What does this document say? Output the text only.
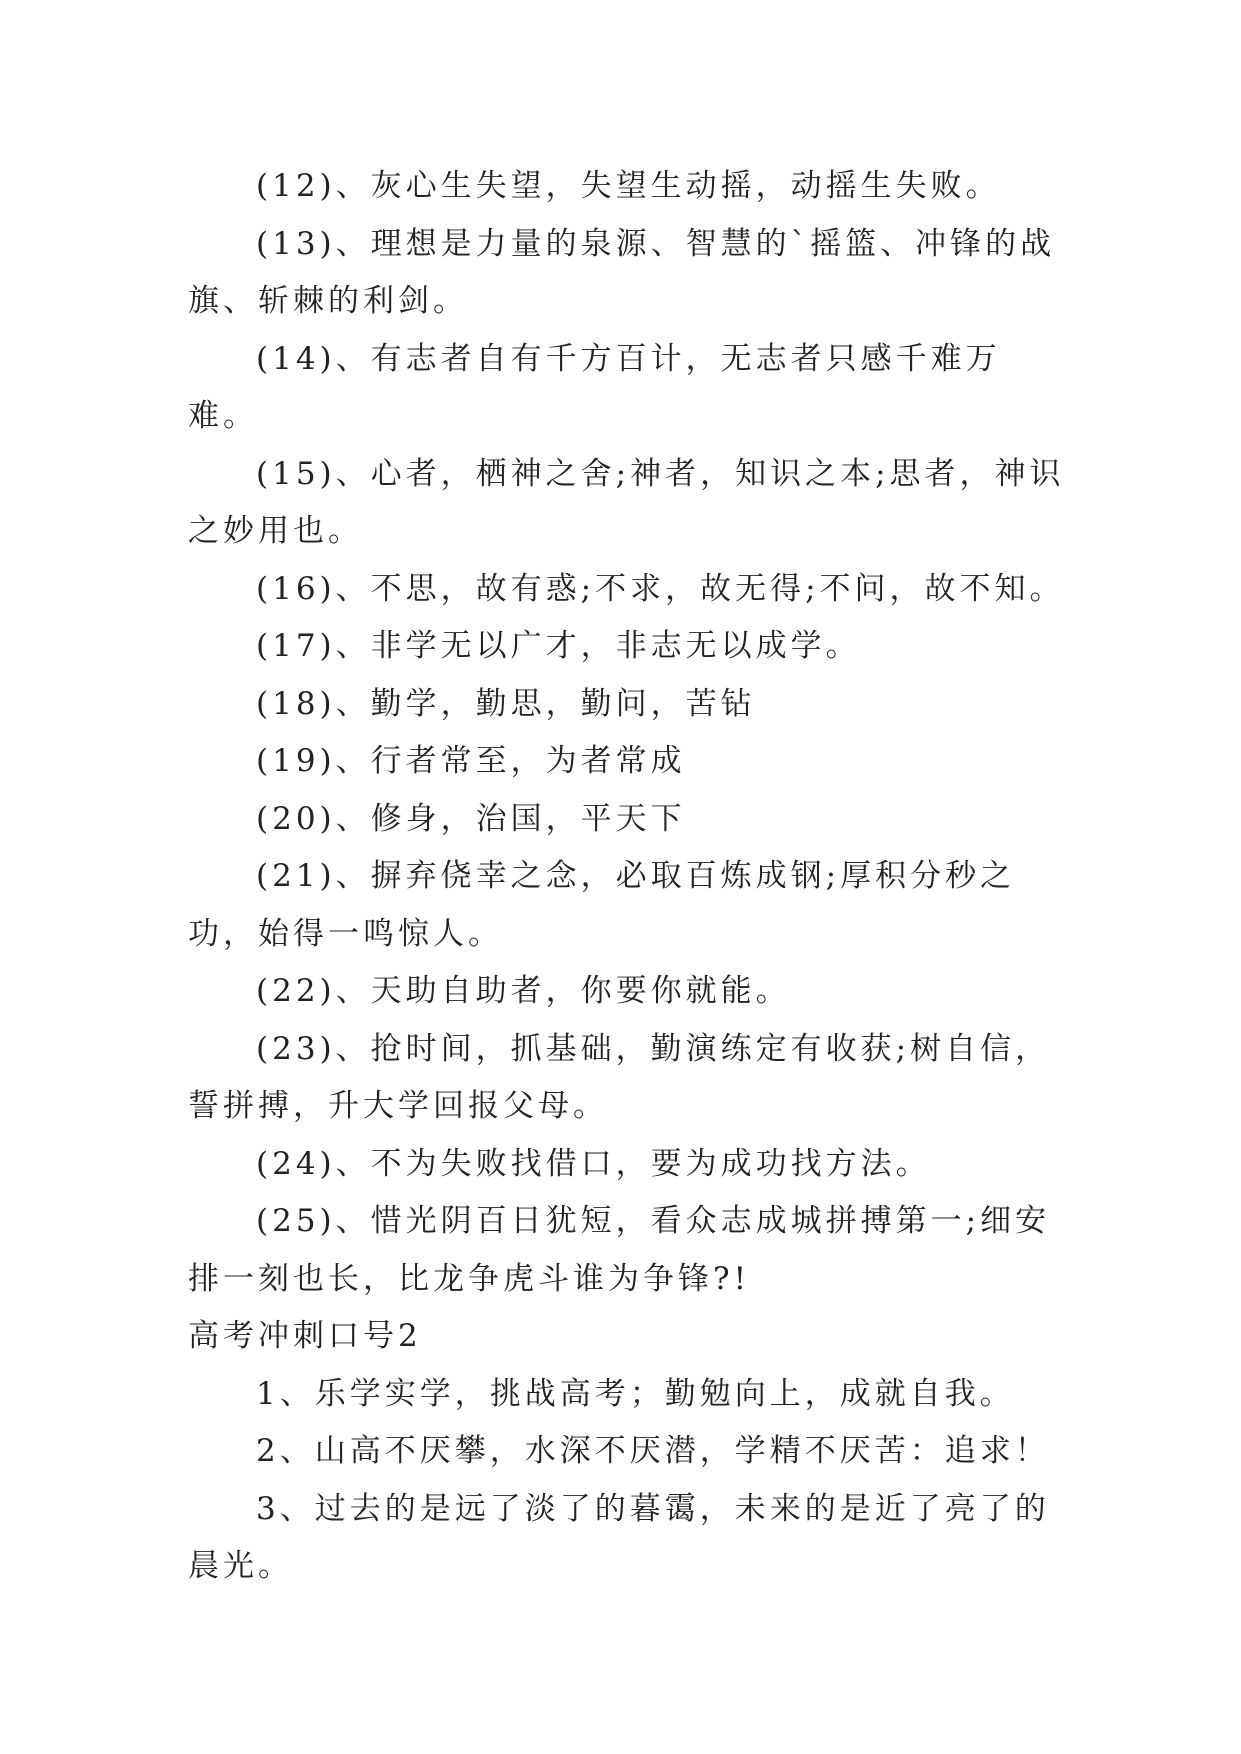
(12)、灰心生失望，失望生动摇，动摇生失败。

(13)、理想是力量的泉源、智慧的`摇篮、冲锋的战旗、斩棘的利剑。

(14)、有志者自有千方百计，无志者只感千难万难。

(15)、心者，栖神之舍;神者，知识之本;思者，神识之妙用也。

(16)、不思，故有惑;不求，故无得;不问，故不知。

(17)、非学无以广才，非志无以成学。

(18)、勤学，勤思，勤问，苦钻

(19)、行者常至，为者常成

(20)、修身，治国，平天下

(21)、摒弃侥幸之念，必取百炼成钢;厚积分秒之功，始得一鸣惊人。

(22)、天助自助者，你要你就能。

(23)、抢时间，抓基础，勤演练定有收获;树自信，誓拼搏，升大学回报父母。

(24)、不为失败找借口，要为成功找方法。

(25)、惜光阴百日犹短，看众志成城拼搏第一;细安排一刻也长，比龙争虎斗谁为争锋?!

高考冲刺口号2

1、乐学实学，挑战高考；勤勉向上，成就自我。

2、山高不厌攀，水深不厌潜，学精不厌苦：追求！

3、过去的是远了淡了的暮霭，未来的是近了亮了的晨光。
